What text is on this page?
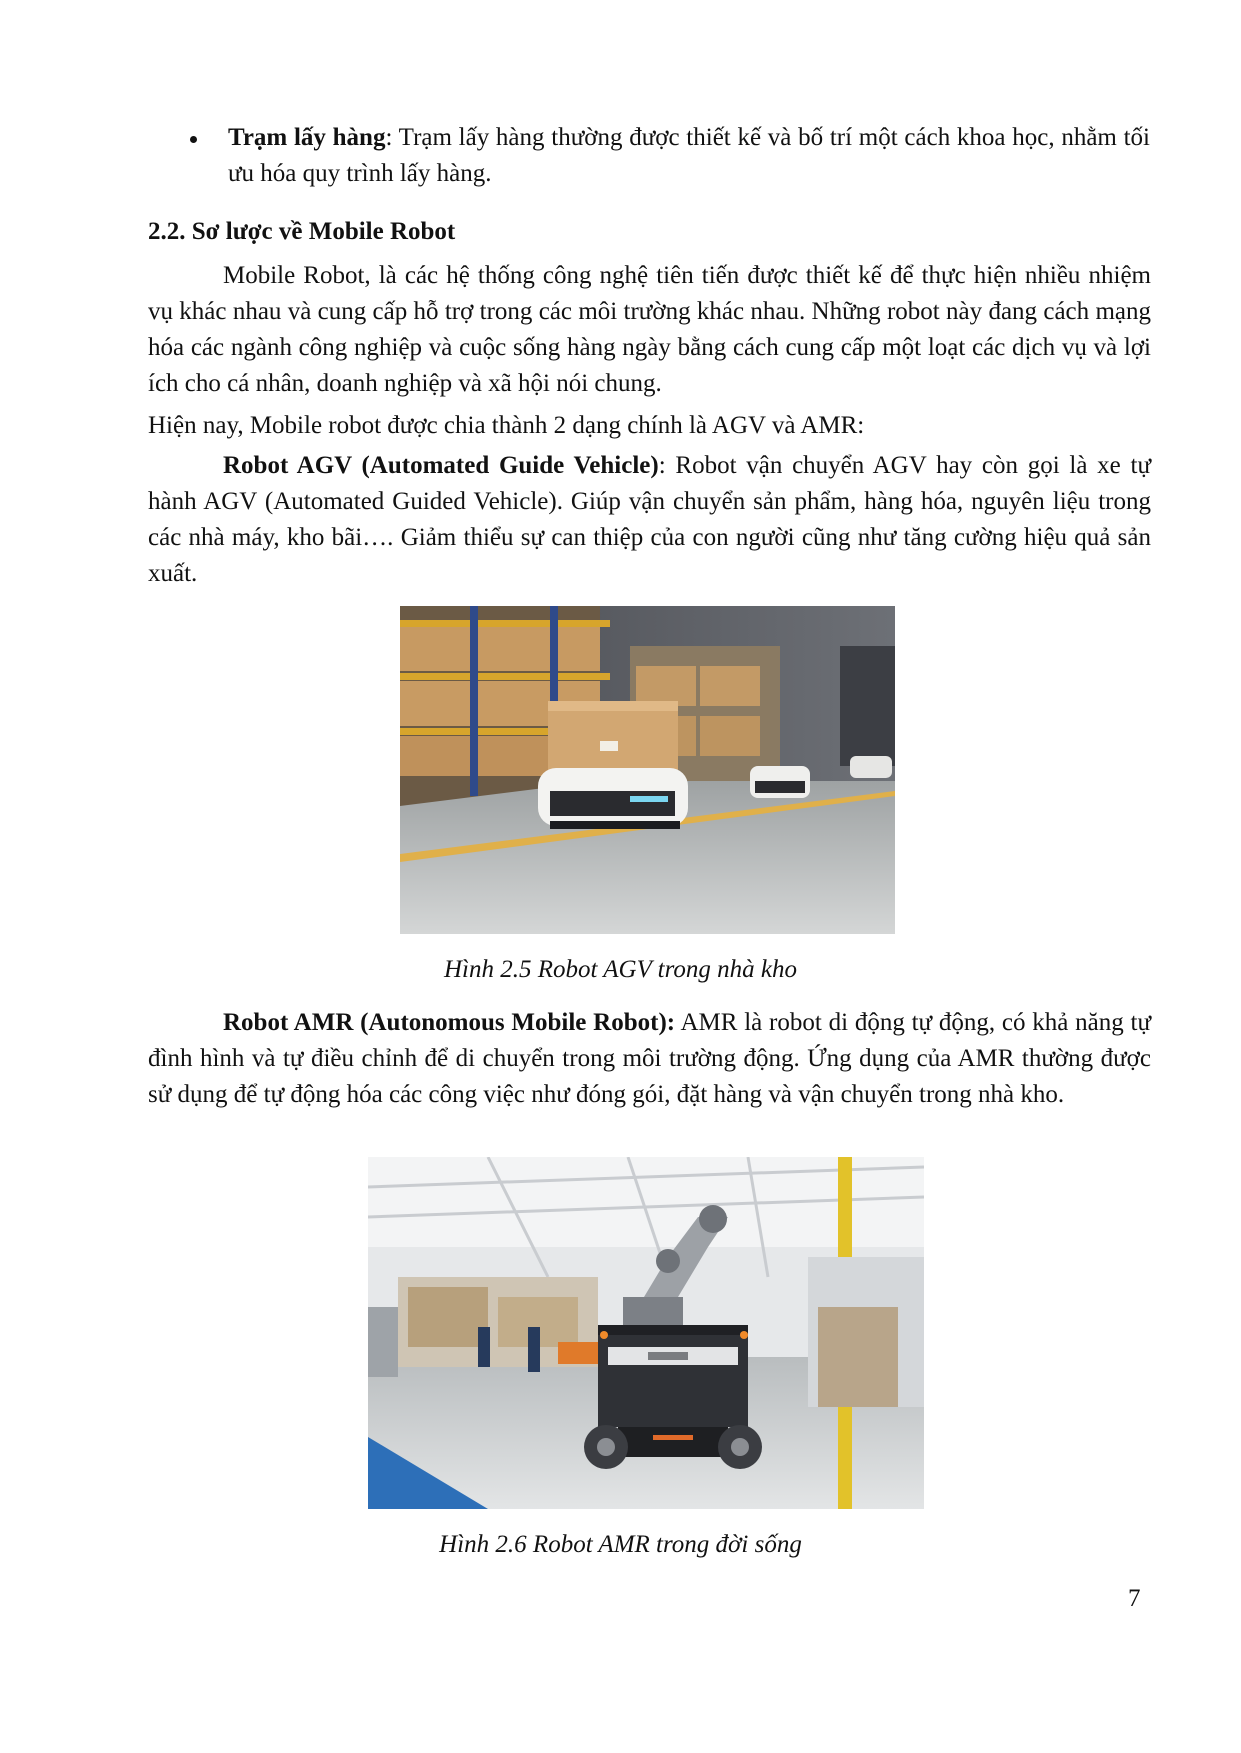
Trạm lấy hàng: Trạm lấy hàng thường được thiết kế và bố trí một cách khoa học, nhằm tối ưu hóa quy trình lấy hàng.
2.2. Sơ lược về Mobile Robot
Mobile Robot, là các hệ thống công nghệ tiên tiến được thiết kế để thực hiện nhiều nhiệm vụ khác nhau và cung cấp hỗ trợ trong các môi trường khác nhau. Những robot này đang cách mạng hóa các ngành công nghiệp và cuộc sống hàng ngày bằng cách cung cấp một loạt các dịch vụ và lợi ích cho cá nhân, doanh nghiệp và xã hội nói chung.
Hiện nay, Mobile robot được chia thành 2 dạng chính là AGV và AMR:
Robot AGV (Automated Guide Vehicle): Robot vận chuyển AGV hay còn gọi là xe tự hành AGV (Automated Guided Vehicle). Giúp vận chuyển sản phẩm, hàng hóa, nguyên liệu trong các nhà máy, kho bãi…. Giảm thiểu sự can thiệp của con người cũng như tăng cường hiệu quả sản xuất.
Hình 2.5 Robot AGV trong nhà kho
Robot AMR (Autonomous Mobile Robot): AMR là robot di động tự động, có khả năng tự đình hình và tự điều chỉnh để di chuyển trong môi trường động. Ứng dụng của AMR thường được sử dụng để tự động hóa các công việc như đóng gói, đặt hàng và vận chuyển trong nhà kho.
Hình 2.6 Robot AMR trong đời sống
7
